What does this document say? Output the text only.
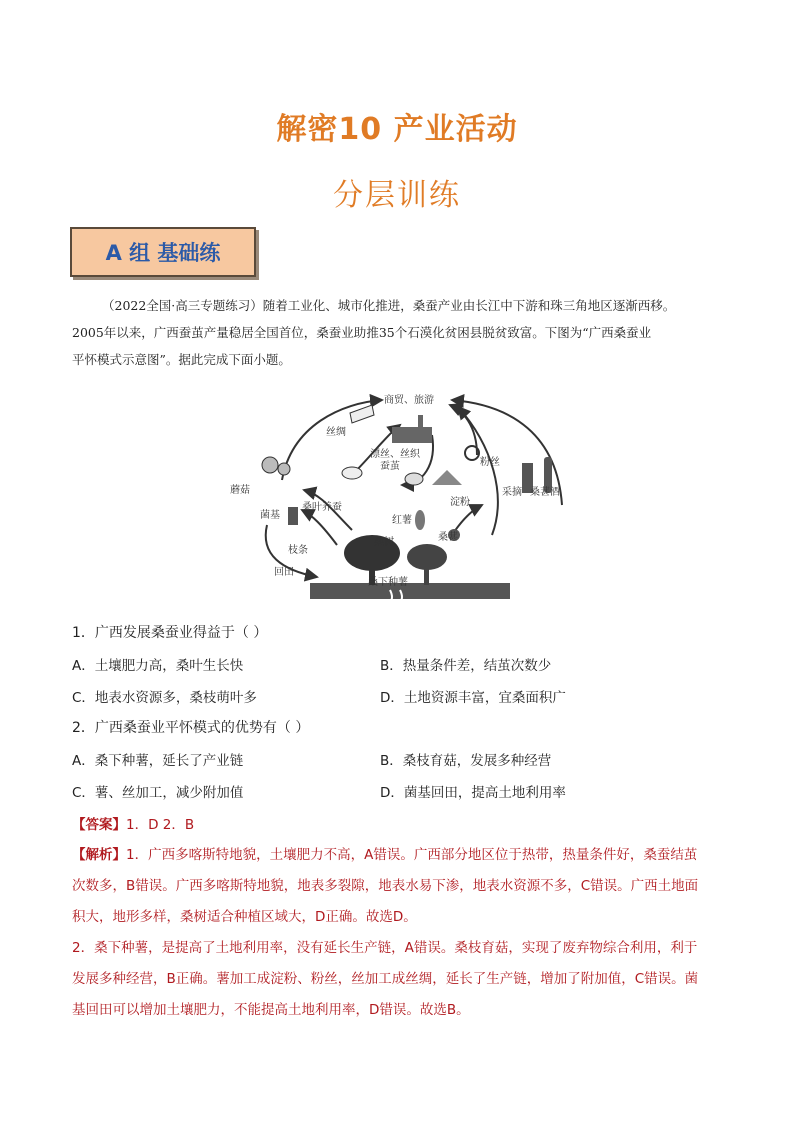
解密10 产业活动
分层训练
A 组 基础练
（2022全国·高三专题练习）随着工业化、城市化推进，桑蚕产业由长江中下游和珠三角地区逐渐西移。
2005年以来，广西蚕茧产量稳居全国首位，桑蚕业助推35个石漠化贫困县脱贫致富。下图为“广西桑蚕业
平怀模式示意图”。据此完成下面小题。
商贸、旅游
丝绸
漂丝、丝织
蚕茧	粉丝
蘑菇
桑叶养蚕
菌基	红薯
淀粉
采摘 桑葚酒
桑树	桑葚
枝条
回田
桑下种薯
1．广西发展桑蚕业得益于（ ）
A．土壤肥力高，桑叶生长快	B．热量条件差，结茧次数少
C．地表水资源多，桑枝萌叶多	D．土地资源丰富，宜桑面积广
2．广西桑蚕业平怀模式的优势有（ ）
A．桑下种薯，延长了产业链	B．桑枝育菇，发展多种经营
C．薯、丝加工，减少附加值	D．菌基回田，提高土地利用率
【答案】1．D 2．B
【解析】1．广西多喀斯特地貌，土壤肥力不高，A错误。广西部分地区位于热带，热量条件好，桑蚕结茧
次数多，B错误。广西多喀斯特地貌，地表多裂隙，地表水易下渗，地表水资源不多，C错误。广西土地面
积大，地形多样，桑树适合种植区域大，D正确。故选D。
2．桑下种薯，是提高了土地利用率，没有延长生产链，A错误。桑枝育菇，实现了废弃物综合利用，利于
发展多种经营，B正确。薯加工成淀粉、粉丝，丝加工成丝绸，延长了生产链，增加了附加值，C错误。菌
基回田可以增加土壤肥力，不能提高土地利用率，D错误。故选B。
